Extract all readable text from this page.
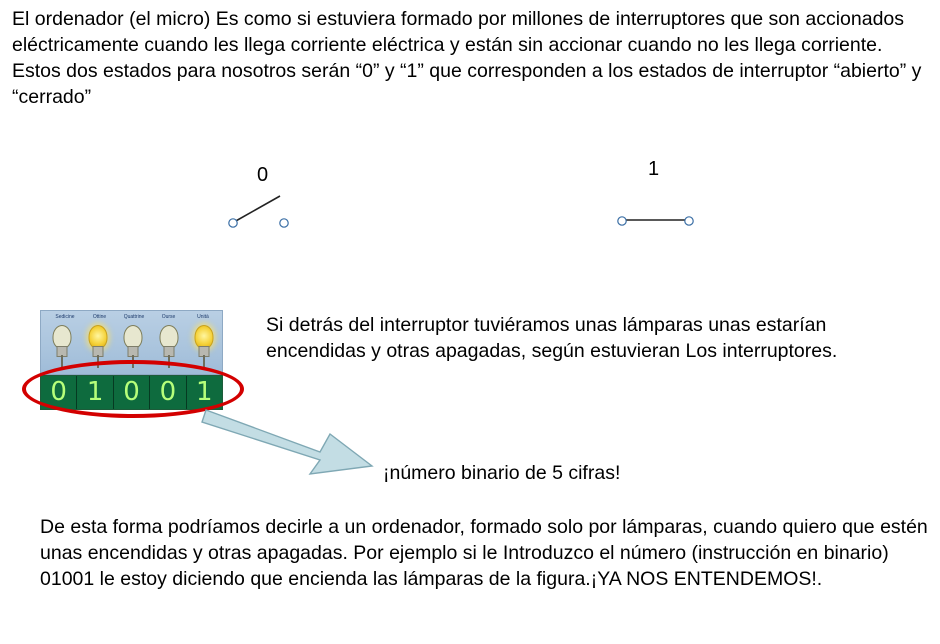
El ordenador (el micro) Es como si estuviera formado por millones de interruptores que son accionados eléctricamente cuando les llega corriente eléctrica y están sin accionar cuando no les llega corriente. Estos dos estados para nosotros serán “0” y “1” que corresponden a los estados de interruptor “abierto” y “cerrado”

0	1
Sedicine	Ottine	Quattrine	Ourse	Unità
0 1 0 0 1

Si detrás del interruptor tuviéramos unas lámparas unas estarían encendidas y otras apagadas, según estuvieran Los interruptores.

¡número binario de 5 cifras!

De esta forma podríamos decirle a un ordenador, formado solo por lámparas, cuando quiero que estén unas encendidas y otras apagadas. Por ejemplo si le Introduzco el número (instrucción en binario) 01001 le estoy diciendo que encienda las lámparas de la figura.¡YA NOS ENTENDEMOS!.
